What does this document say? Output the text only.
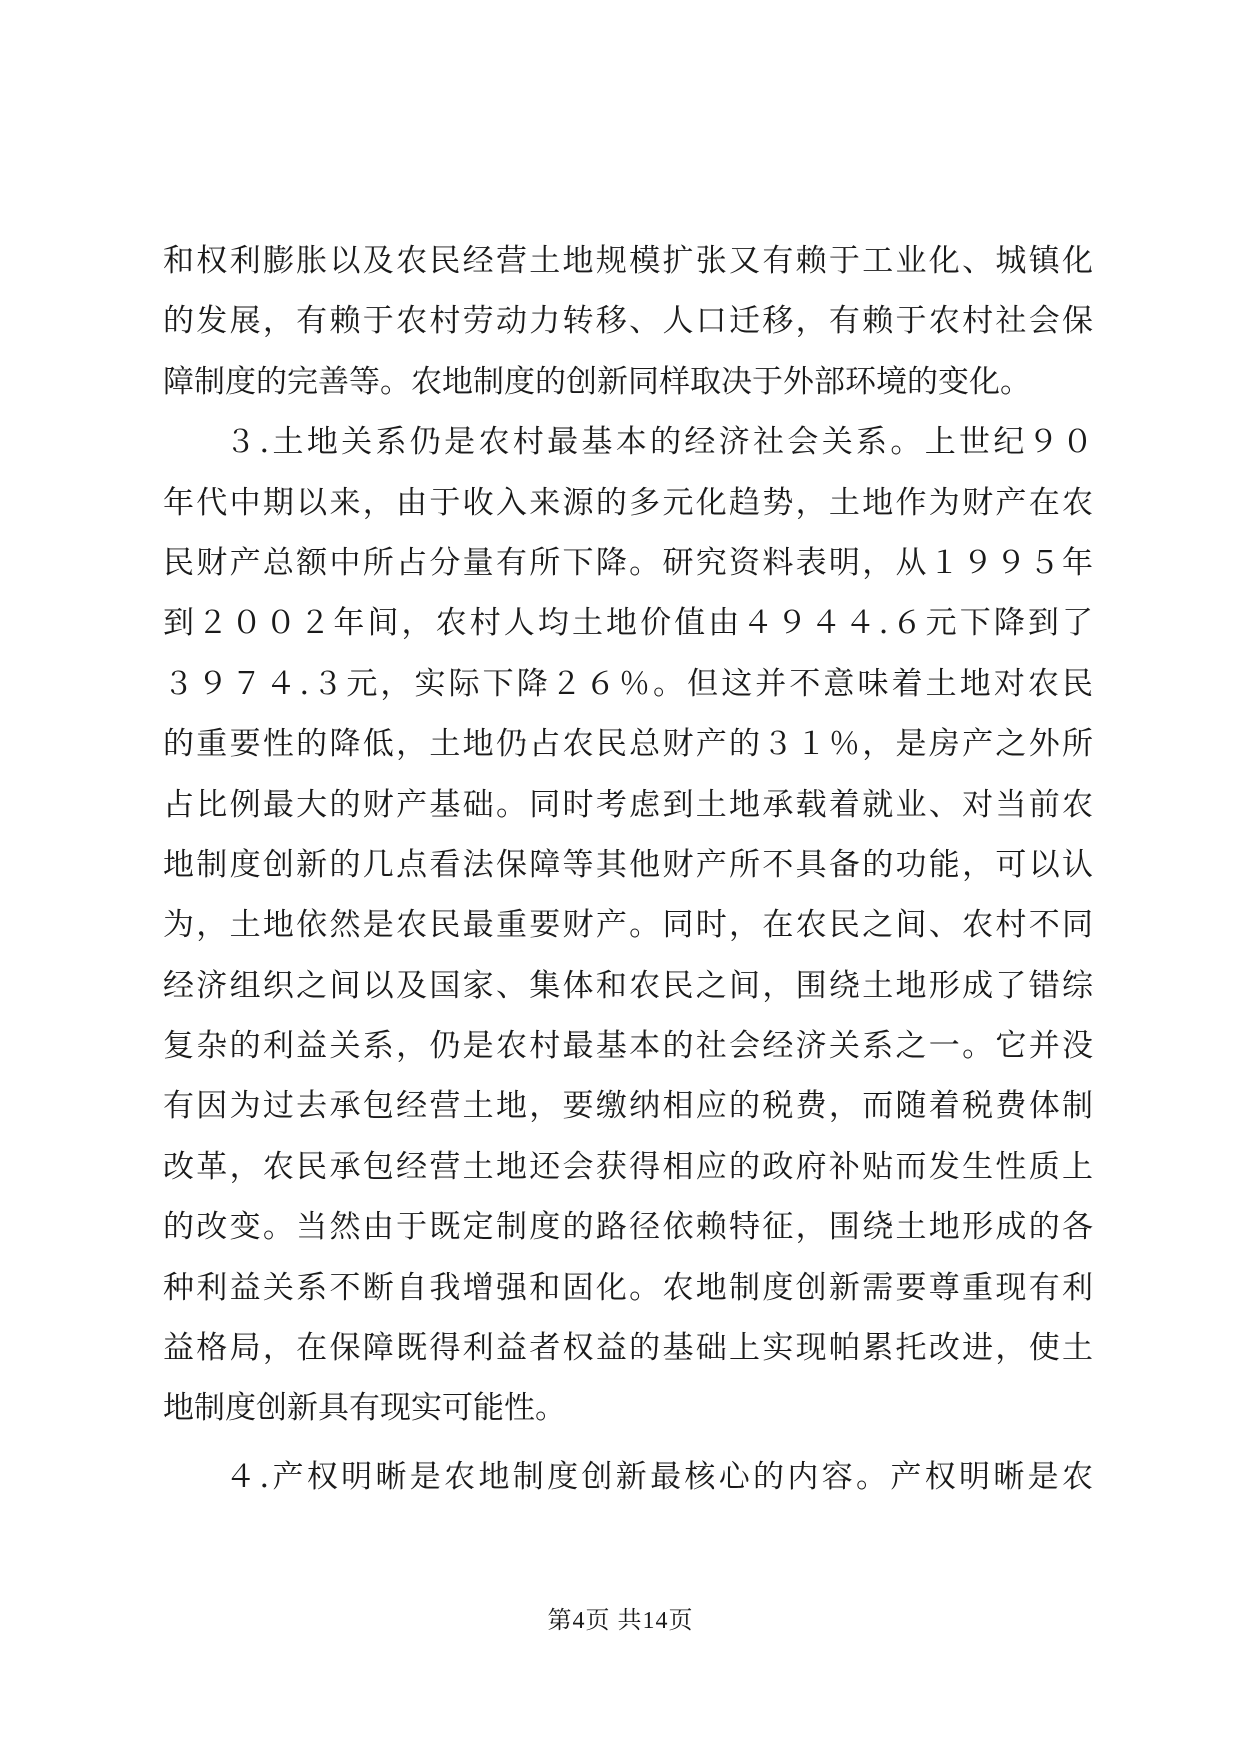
和权利膨胀以及农民经营土地规模扩张又有赖于工业化、城镇化
的发展，有赖于农村劳动力转移、人口迁移，有赖于农村社会保
障制度的完善等。农地制度的创新同样取决于外部环境的变化。
３.土地关系仍是农村最基本的经济社会关系。上世纪９０
年代中期以来，由于收入来源的多元化趋势，土地作为财产在农
民财产总额中所占分量有所下降。研究资料表明，从１９９５年
到２００２年间，农村人均土地价值由４９４４.６元下降到了
３９７４.３元，实际下降２６％。但这并不意味着土地对农民
的重要性的降低，土地仍占农民总财产的３１％，是房产之外所
占比例最大的财产基础。同时考虑到土地承载着就业、对当前农
地制度创新的几点看法保障等其他财产所不具备的功能，可以认
为，土地依然是农民最重要财产。同时，在农民之间、农村不同
经济组织之间以及国家、集体和农民之间，围绕土地形成了错综
复杂的利益关系，仍是农村最基本的社会经济关系之一。它并没
有因为过去承包经营土地，要缴纳相应的税费，而随着税费体制
改革，农民承包经营土地还会获得相应的政府补贴而发生性质上
的改变。当然由于既定制度的路径依赖特征，围绕土地形成的各
种利益关系不断自我增强和固化。农地制度创新需要尊重现有利
益格局，在保障既得利益者权益的基础上实现帕累托改进，使土
地制度创新具有现实可能性。
４.产权明晰是农地制度创新最核心的内容。产权明晰是农
第4页 共14页
